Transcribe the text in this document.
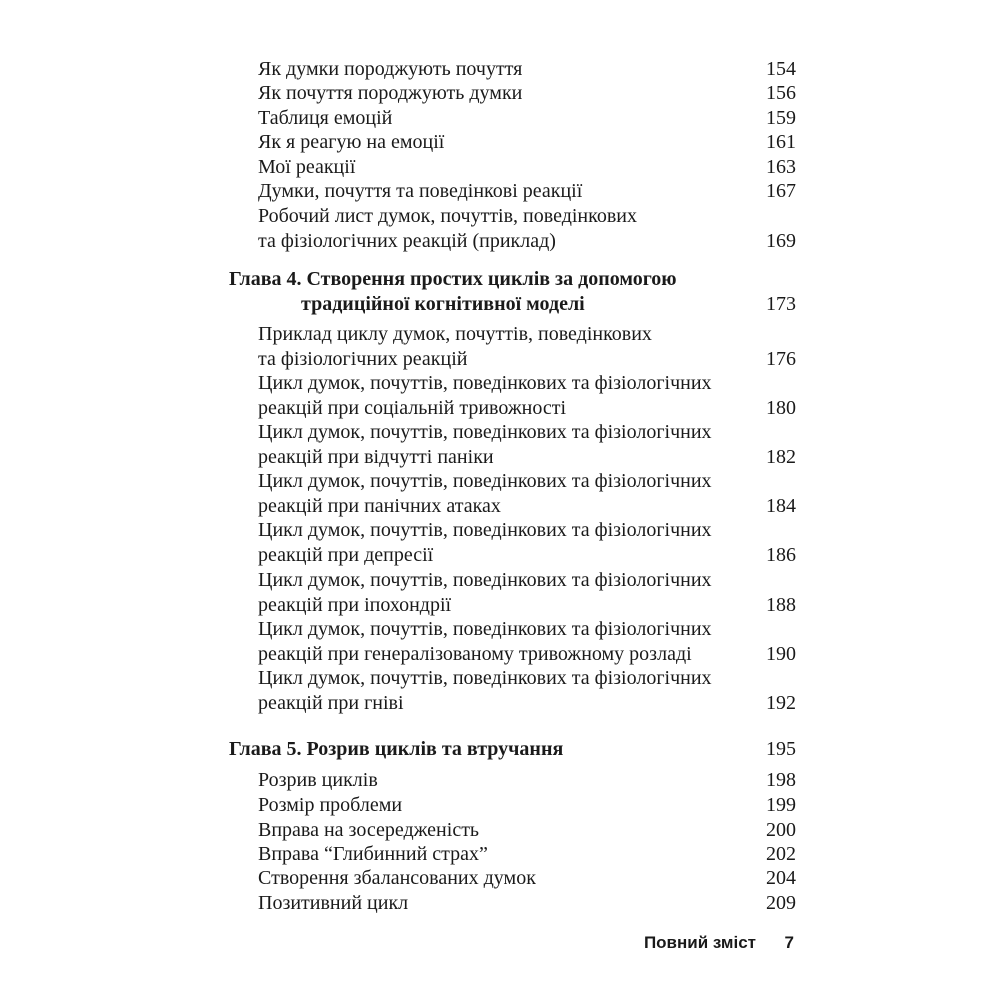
Як думки породжують почуття	154
Як почуття породжують думки	156
Таблиця емоцій	159
Як я реагую на емоції	161
Мої реакції	163
Думки, почуття та поведінкові реакції	167
Робочий лист думок, почуттів, поведінкових
та фізіологічних реакцій (приклад)	169
Глава 4. Створення простих циклів за допомогою
традиційної когнітивної моделі	173
Приклад циклу думок, почуттів, поведінкових
та фізіологічних реакцій	176
Цикл думок, почуттів, поведінкових та фізіологічних
реакцій при соціальній тривожності	180
Цикл думок, почуттів, поведінкових та фізіологічних
реакцій при відчутті паніки	182
Цикл думок, почуттів, поведінкових та фізіологічних
реакцій при панічних атаках	184
Цикл думок, почуттів, поведінкових та фізіологічних
реакцій при депресії	186
Цикл думок, почуттів, поведінкових та фізіологічних
реакцій при іпохондрії	188
Цикл думок, почуттів, поведінкових та фізіологічних
реакцій при генералізованому тривожному розладі	190
Цикл думок, почуттів, поведінкових та фізіологічних
реакцій при гніві	192
Глава 5. Розрив циклів та втручання	195
Розрив циклів	198
Розмір проблеми	199
Вправа на зосередженість	200
Вправа “Глибинний страх”	202
Створення збалансованих думок	204
Позитивний цикл	209
Повний зміст 7
